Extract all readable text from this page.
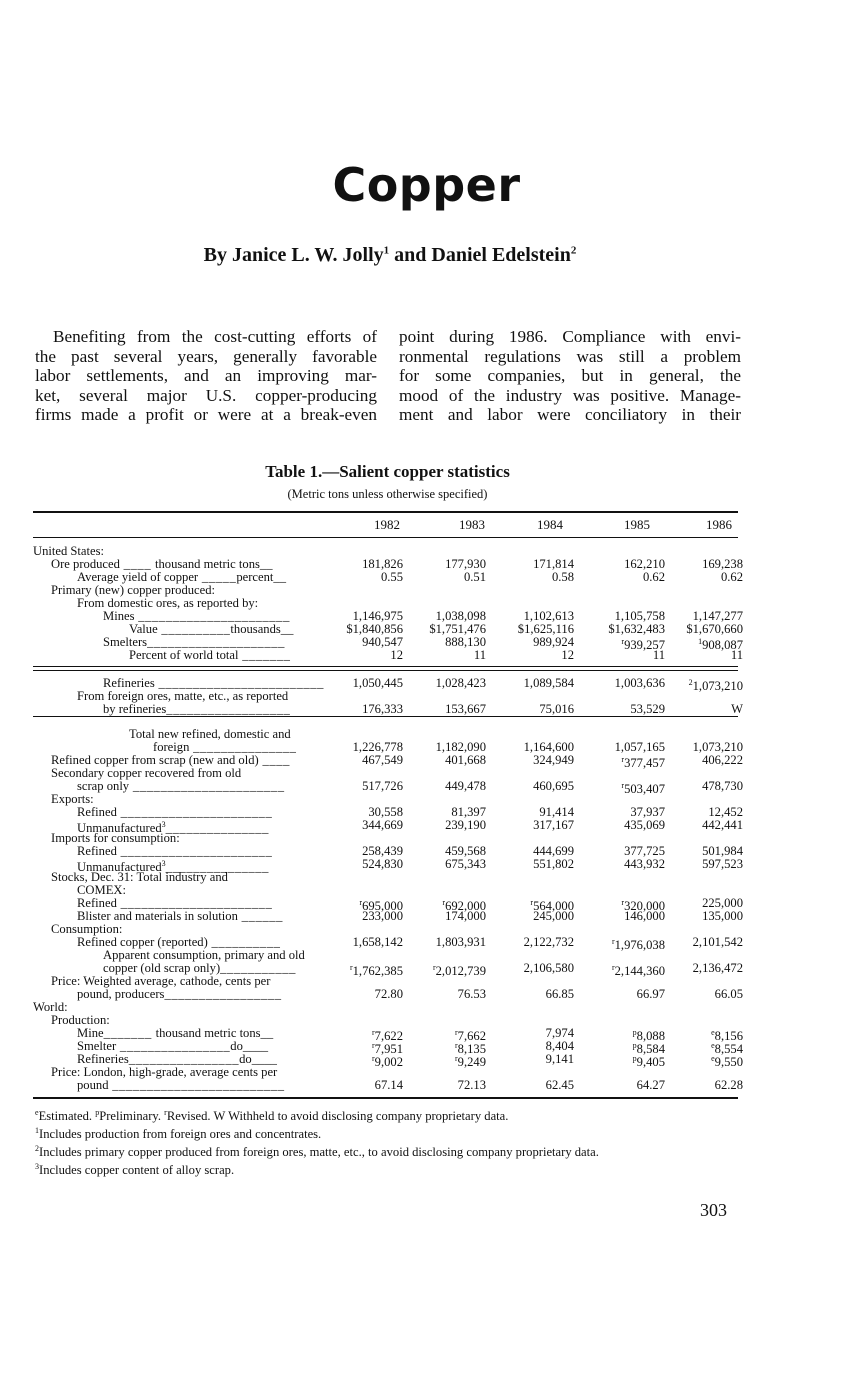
Copper
By Janice L. W. Jolly$^1$ and Daniel Edelstein$^2$
Benefiting from the cost-cutting efforts of
the past several years, generally favorable
labor settlements, and an improving mar-
ket, several major U.S. copper-producing
firms made a profit or were at a break-even
point during 1986. Compliance with envi-
ronmental regulations was still a problem
for some companies, but in general, the
mood of the industry was positive. Manage-
ment and labor were conciliatory in their
Table 1.—Salient copper statistics
(Metric tons unless otherwise specified)
1982	1983	1984	1985	1986
United States:
Ore produced ____ thousand metric tons__	181,826	177,930	171,814	162,210	169,238
Average yield of copper _____percent__	0.55	0.51	0.58	0.62	0.62
Primary (new) copper produced:
From domestic ores, as reported by:
Mines ______________________	1,146,975	1,038,098	1,102,613	1,105,758	1,147,277
Value __________thousands__	$1,840,856	$1,751,476	$1,625,116	$1,632,483	$1,670,660
Smelters____________________	940,547	888,130	989,924	$^r$939,257	$^1$908,087
Percent of world total _______	12	11	12	11	11
Refineries ________________________	1,050,445	1,028,423	1,089,584	1,003,636	$^2$1,073,210
From foreign ores, matte, etc., as reported
by refineries__________________	176,333	153,667	75,016	53,529	W
Total new refined, domestic and
foreign _______________	1,226,778	1,182,090	1,164,600	1,057,165	1,073,210
Refined copper from scrap (new and old) ____	467,549	401,668	324,949	$^r$377,457	406,222
Secondary copper recovered from old
scrap only ______________________	517,726	449,478	460,695	$^r$503,407	478,730
Exports:
Refined ______________________	30,558	81,397	91,414	37,937	12,452
Unmanufactured$^3$_______________	344,669	239,190	317,167	435,069	442,441
Imports for consumption:
Refined ______________________	258,439	459,568	444,699	377,725	501,984
Unmanufactured$^3$_______________	524,830	675,343	551,802	443,932	597,523
Stocks, Dec. 31: Total industry and
COMEX:
Refined ______________________	$^r$695,000	$^r$692,000	$^r$564,000	$^r$320,000	225,000
Blister and materials in solution ______	233,000	174,000	245,000	146,000	135,000
Consumption:
Refined copper (reported) __________	1,658,142	1,803,931	2,122,732	$^r$1,976,038	2,101,542
Apparent consumption, primary and old
copper (old scrap only)___________	$^r$1,762,385	$^r$2,012,739	2,106,580	$^r$2,144,360	2,136,472
Price: Weighted average, cathode, cents per
pound, producers_________________	72.80	76.53	66.85	66.97	66.05
World:
Production:
Mine_______ thousand metric tons__	$^r$7,622	$^r$7,662	7,974	$^p$8,088	$^e$8,156
Smelter ________________do____	$^r$7,951	$^r$8,135	8,404	$^p$8,584	$^e$8,554
Refineries________________do____	$^r$9,002	$^r$9,249	9,141	$^p$9,405	$^e$9,550
Price: London, high-grade, average cents per
pound _________________________	67.14	72.13	62.45	64.27	62.28
$^e$Estimated. $^p$Preliminary. $^r$Revised. W Withheld to avoid disclosing company proprietary data.
$^1$Includes production from foreign ores and concentrates.
$^2$Includes primary copper produced from foreign ores, matte, etc., to avoid disclosing company proprietary data.
$^3$Includes copper content of alloy scrap.
303
